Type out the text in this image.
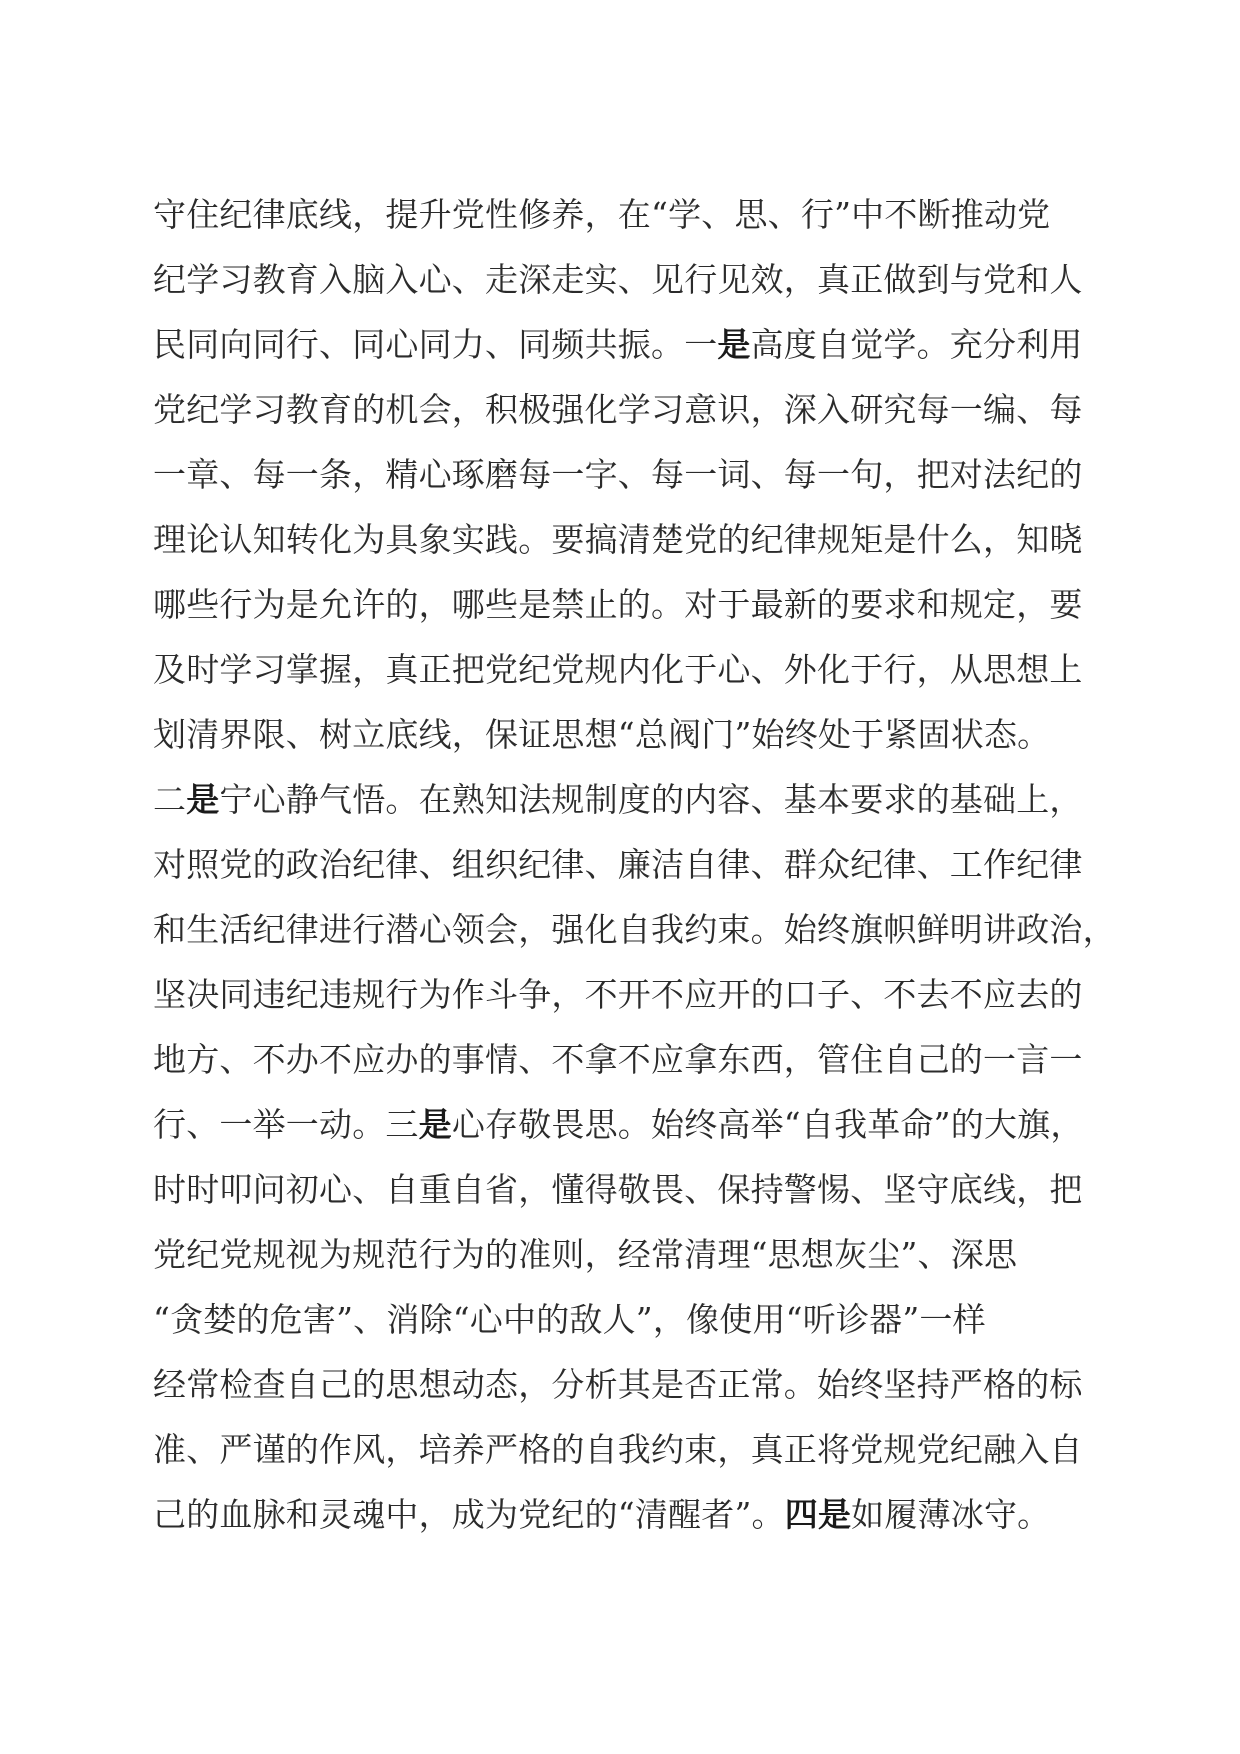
守住纪律底线，提升党性修养，在“学、思、行”中不断推动党
纪学习教育入脑入心、走深走实、见行见效，真正做到与党和人
民同向同行、同心同力、同频共振。一是高度自觉学。充分利用
党纪学习教育的机会，积极强化学习意识，深入研究每一编、每
一章、每一条，精心琢磨每一字、每一词、每一句，把对法纪的
理论认知转化为具象实践。要搞清楚党的纪律规矩是什么，知晓
哪些行为是允许的，哪些是禁止的。对于最新的要求和规定，要
及时学习掌握，真正把党纪党规内化于心、外化于行，从思想上
划清界限、树立底线，保证思想“总阀门”始终处于紧固状态。
二是宁心静气悟。在熟知法规制度的内容、基本要求的基础上，
对照党的政治纪律、组织纪律、廉洁自律、群众纪律、工作纪律
和生活纪律进行潜心领会，强化自我约束。始终旗帜鲜明讲政治，
坚决同违纪违规行为作斗争，不开不应开的口子、不去不应去的
地方、不办不应办的事情、不拿不应拿东西，管住自己的一言一
行、一举一动。三是心存敬畏思。始终高举“自我革命”的大旗，
时时叩问初心、自重自省，懂得敬畏、保持警惕、坚守底线，把
党纪党规视为规范行为的准则，经常清理“思想灰尘”、深思
“贪婪的危害”、消除“心中的敌人”，像使用“听诊器”一样
经常检查自己的思想动态，分析其是否正常。始终坚持严格的标
准、严谨的作风，培养严格的自我约束，真正将党规党纪融入自
己的血脉和灵魂中，成为党纪的“清醒者”。四是如履薄冰守。
